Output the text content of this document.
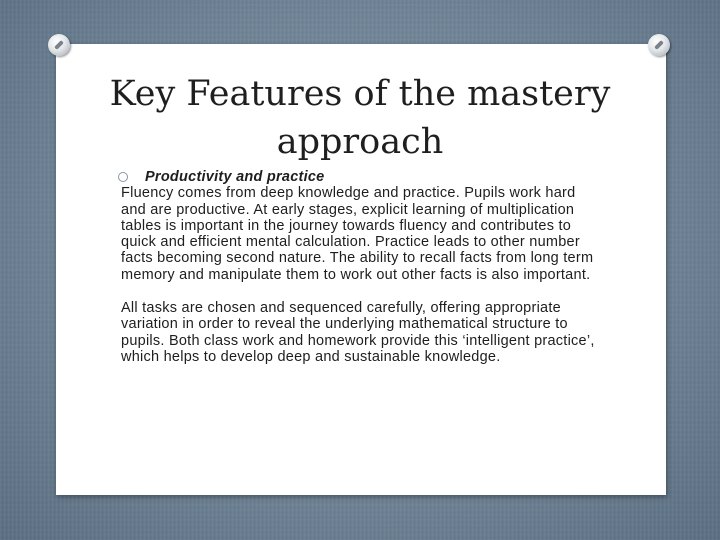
Key Features of the mastery
approach

Productivity and practice

Fluency comes from deep knowledge and practice. Pupils work hard and are productive. At early stages, explicit learning of multiplication tables is important in the journey towards fluency and contributes to quick and efficient mental calculation. Practice leads to other number facts becoming second nature. The ability to recall facts from long term memory and manipulate them to work out other facts is also important.

All tasks are chosen and sequenced carefully, offering appropriate variation in order to reveal the underlying mathematical structure to pupils. Both class work and homework provide this ‘intelligent practice’, which helps to develop deep and sustainable knowledge.
